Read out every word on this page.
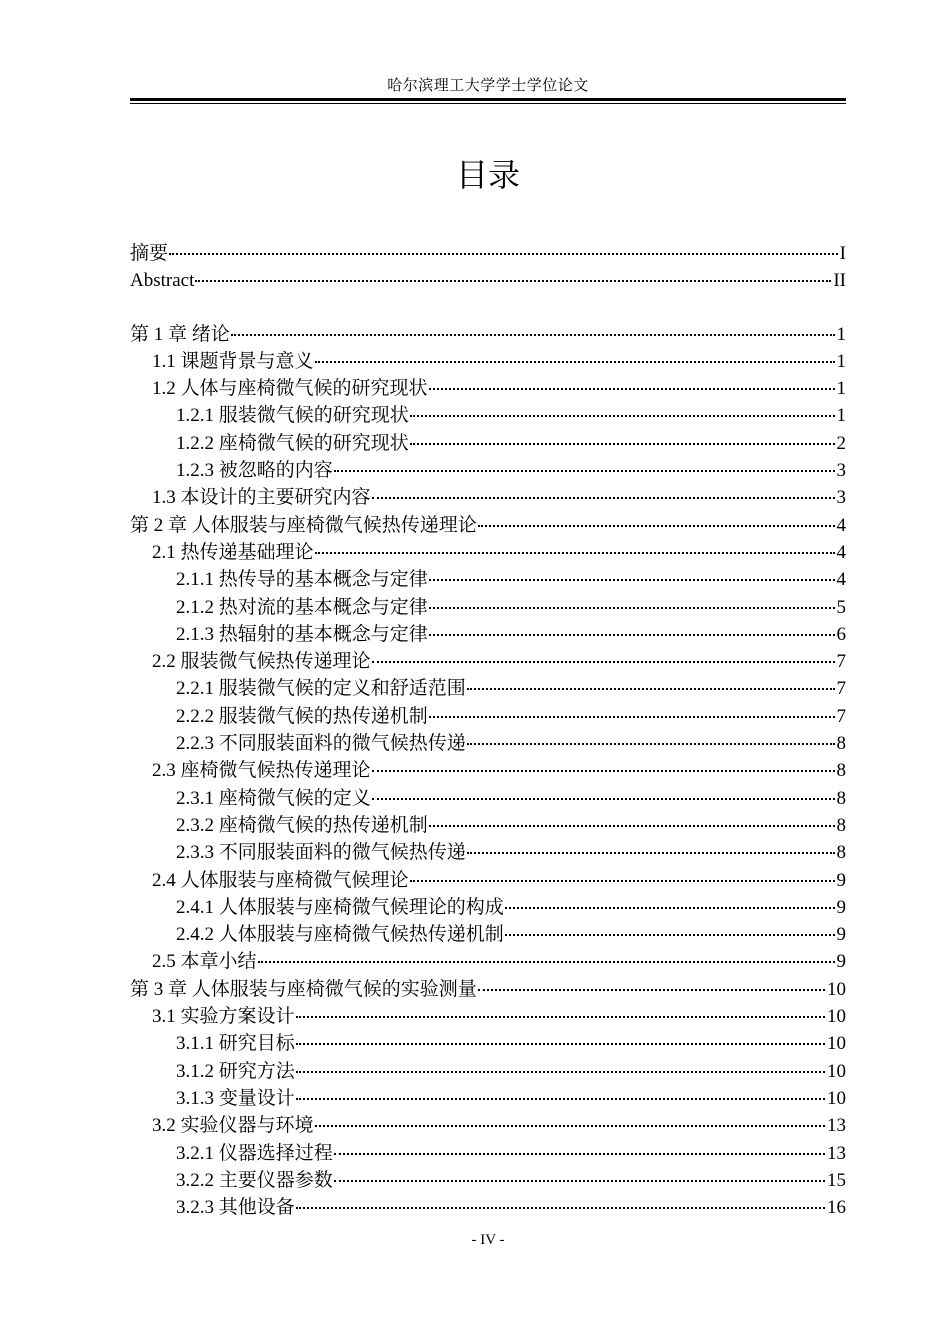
哈尔滨理工大学学士学位论文
目录
摘要	I
Abstract	II
第 1 章 绪论	1
1.1 课题背景与意义	1
1.2 人体与座椅微气候的研究现状	1
1.2.1 服装微气候的研究现状	1
1.2.2 座椅微气候的研究现状	2
1.2.3 被忽略的内容	3
1.3 本设计的主要研究内容	3
第 2 章 人体服装与座椅微气候热传递理论	4
2.1 热传递基础理论	4
2.1.1 热传导的基本概念与定律	4
2.1.2 热对流的基本概念与定律	5
2.1.3 热辐射的基本概念与定律	6
2.2 服装微气候热传递理论	7
2.2.1 服装微气候的定义和舒适范围	7
2.2.2 服装微气候的热传递机制	7
2.2.3 不同服装面料的微气候热传递	8
2.3 座椅微气候热传递理论	8
2.3.1 座椅微气候的定义	8
2.3.2 座椅微气候的热传递机制	8
2.3.3 不同服装面料的微气候热传递	8
2.4 人体服装与座椅微气候理论	9
2.4.1 人体服装与座椅微气候理论的构成	9
2.4.2 人体服装与座椅微气候热传递机制	9
2.5 本章小结	9
第 3 章 人体服装与座椅微气候的实验测量	10
3.1 实验方案设计	10
3.1.1 研究目标	10
3.1.2 研究方法	10
3.1.3 变量设计	10
3.2 实验仪器与环境	13
3.2.1 仪器选择过程	13
3.2.2 主要仪器参数	15
3.2.3 其他设备	16
- IV -
